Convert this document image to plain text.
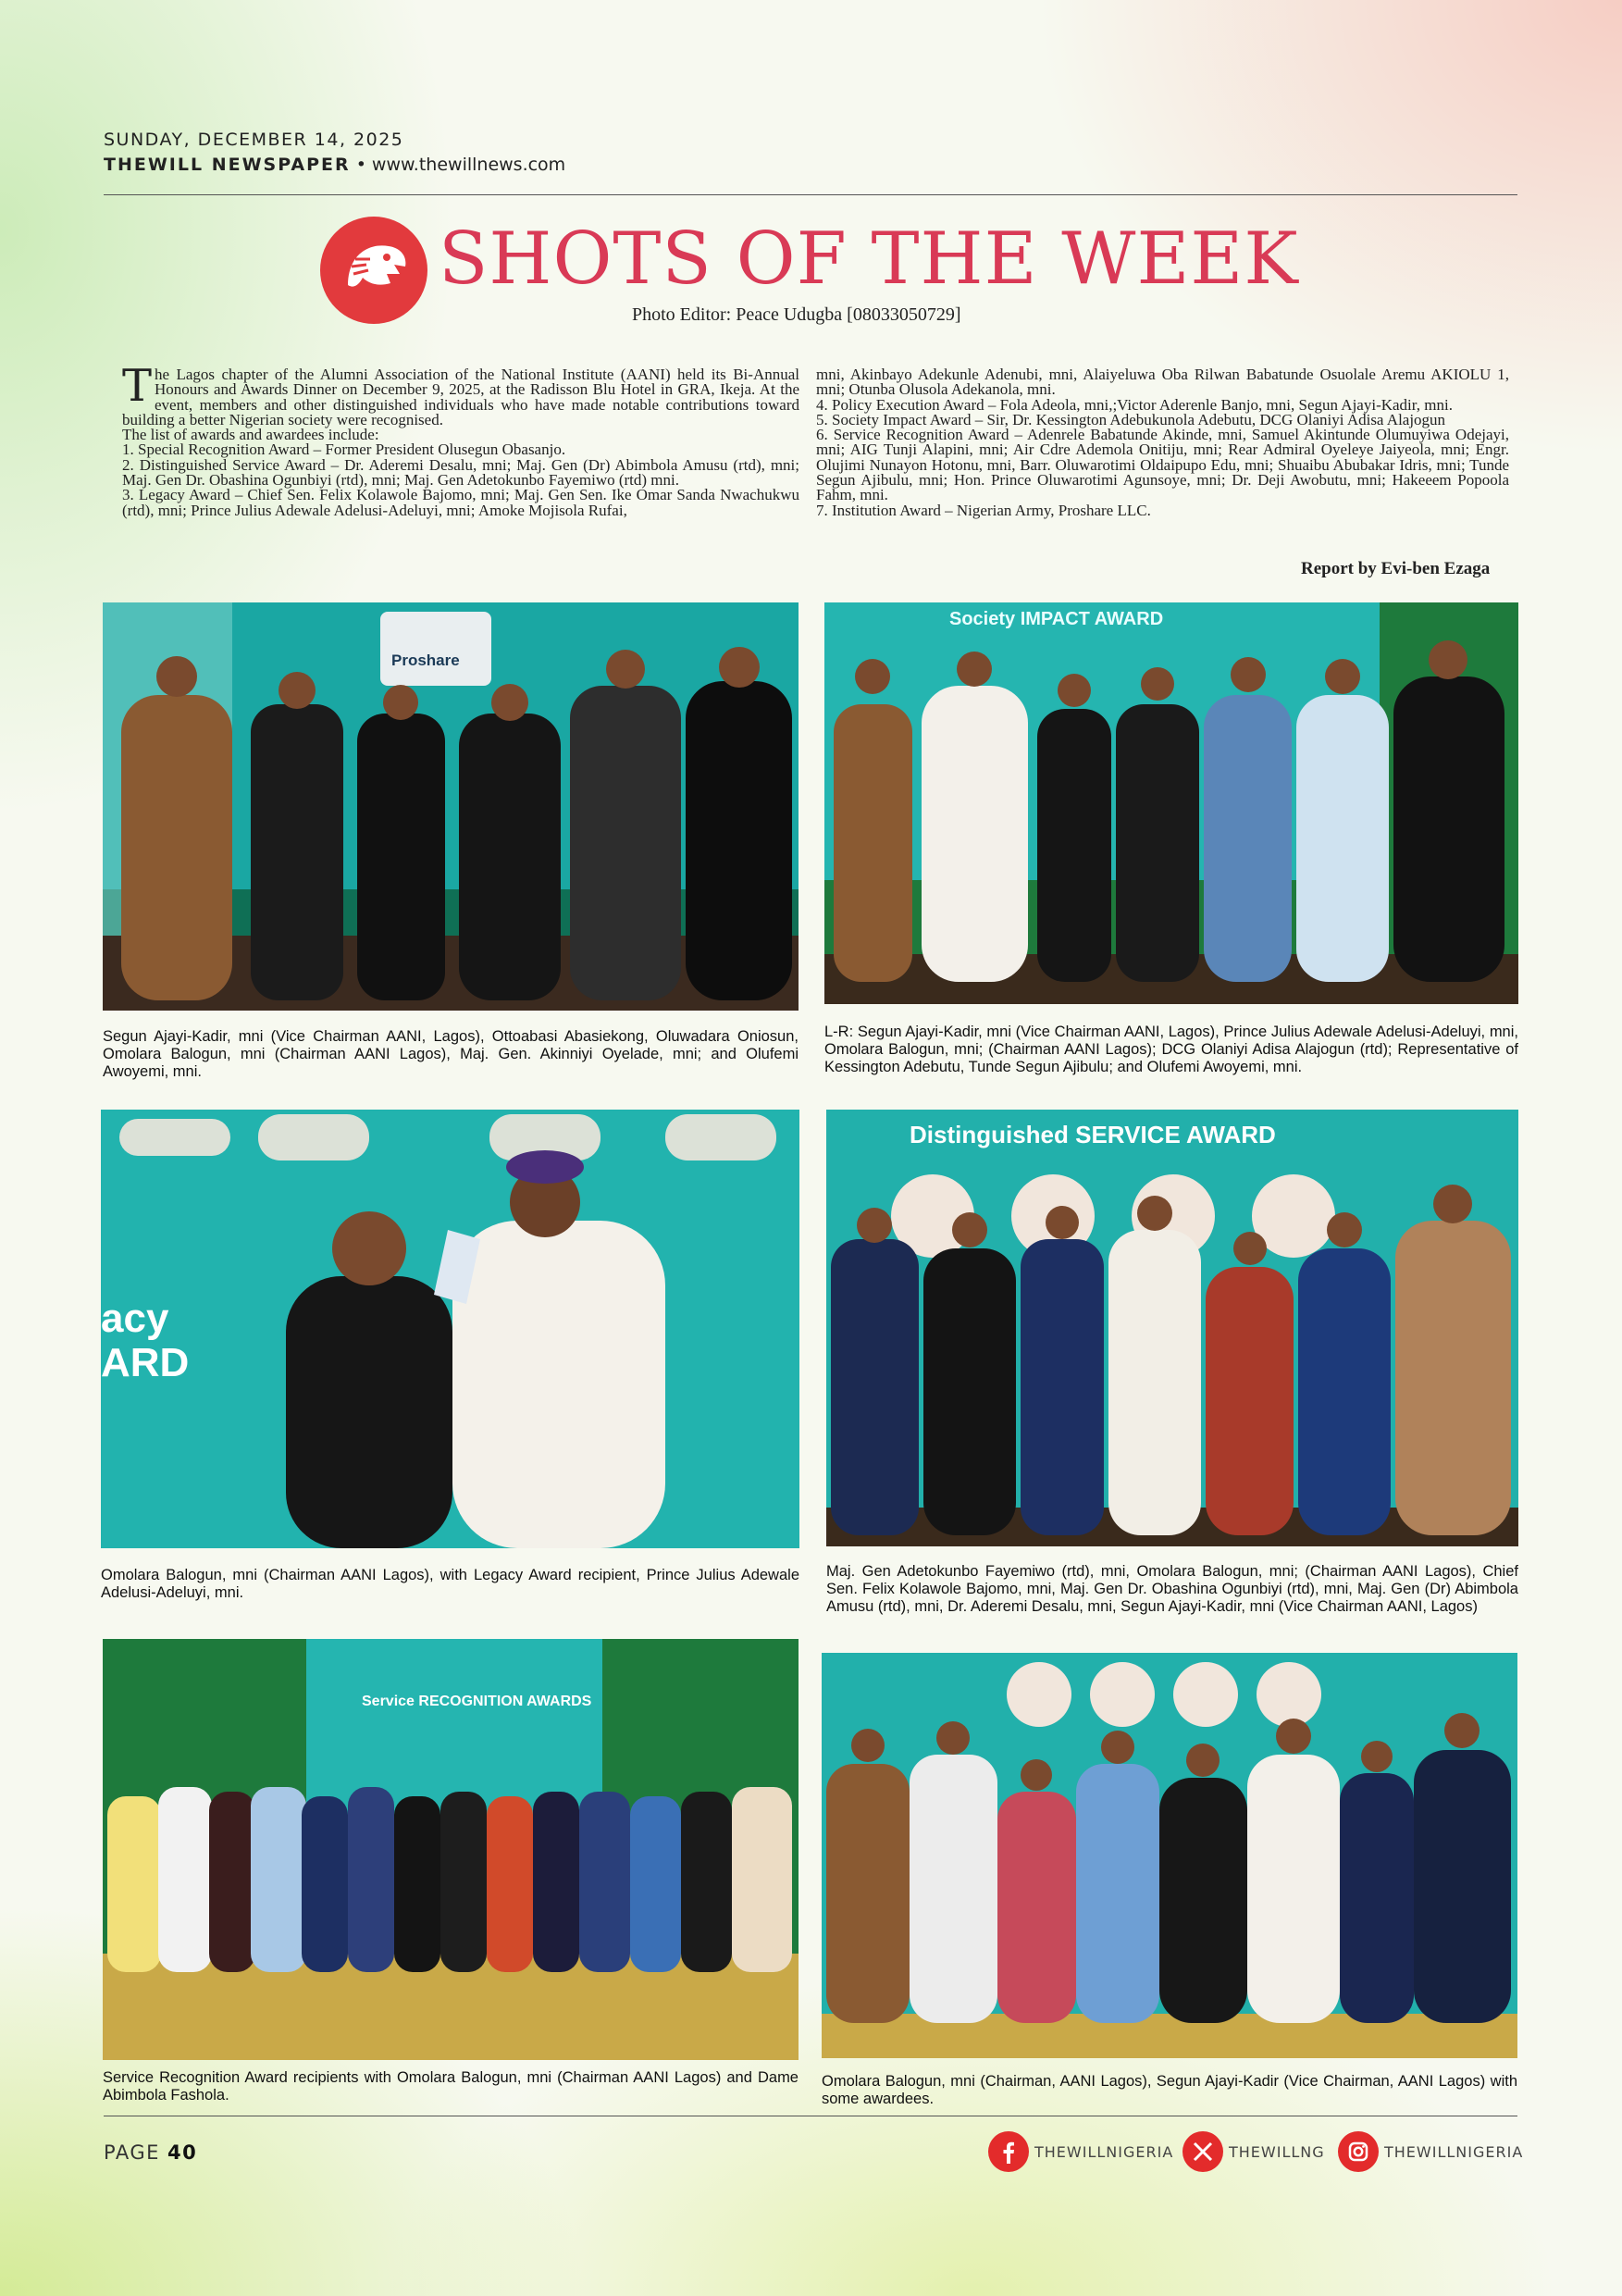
SUNDAY, DECEMBER 14, 2025
THEWILL NEWSPAPER • www.thewillnews.com
SHOTS OF THE WEEK
Photo Editor: Peace Udugba [08033050729]

The Lagos chapter of the Alumni Association of the National Institute (AANI) held its Bi-Annual Honours and Awards Dinner on December 9, 2025, at the Radisson Blu Hotel in GRA, Ikeja. At the event, members and other distinguished individuals who have made notable contributions toward building a better Nigerian society were recognised.

The list of awards and awardees include:

1. Special Recognition Award – Former President Olusegun Obasanjo.

2. Distinguished Service Award – Dr. Aderemi Desalu, mni; Maj. Gen (Dr) Abimbola Amusu (rtd), mni; Maj. Gen Dr. Obashina Ogunbiyi (rtd), mni; Maj. Gen Adetokunbo Fayemiwo (rtd) mni.

3. Legacy Award – Chief Sen. Felix Kolawole Bajomo, mni; Maj. Gen Sen. Ike Omar Sanda Nwachukwu (rtd), mni; Prince Julius Adewale Adelusi-Adeluyi, mni; Amoke Mojisola Rufai,

mni, Akinbayo Adekunle Adenubi, mni, Alaiyeluwa Oba Rilwan Babatunde Osuolale Aremu AKIOLU 1, mni; Otunba Olusola Adekanola, mni.

4. Policy Execution Award – Fola Adeola, mni,;Victor Aderenle Banjo, mni, Segun Ajayi-Kadir, mni.

5. Society Impact Award – Sir, Dr. Kessington Adebukunola Adebutu, DCG Olaniyi Adisa Alajogun

6. Service Recognition Award – Adenrele Babatunde Akinde, mni, Samuel Akintunde Olumuyiwa Odejayi, mni; AIG Tunji Alapini, mni; Air Cdre Ademola Onitiju, mni; Rear Admiral Oyeleye Jaiyeola, mni; Engr. Olujimi Nunayon Hotonu, mni, Barr. Oluwarotimi Oldaipupo Edu, mni; Shuaibu Abubakar Idris, mni; Tunde Segun Ajibulu, mni; Hon. Prince Oluwarotimi Agunsoye, mni; Dr. Deji Awobutu, mni; Hakeeem Popoola Fahm, mni.

7. Institution Award – Nigerian Army, Proshare LLC.

Report by Evi-ben Ezaga
Proshare
Segun Ajayi-Kadir, mni (Vice Chairman AANI, Lagos), Ottoabasi Abasiekong, Oluwadara Oniosun, Omolara Balogun, mni (Chairman AANI Lagos), Maj. Gen. Akinniyi Oyelade, mni; and Olufemi Awoyemi, mni.
Society IMPACT AWARD
L-R: Segun Ajayi-Kadir, mni (Vice Chairman AANI, Lagos), Prince Julius Adewale Adelusi-Adeluyi, mni, Omolara Balogun, mni; (Chairman AANI Lagos); DCG Olaniyi Adisa Alajogun (rtd); Representative of Kessington Adebutu, Tunde Segun Ajibulu; and Olufemi Awoyemi, mni.
acy ARD
Omolara Balogun, mni (Chairman AANI Lagos), with Legacy Award recipient, Prince Julius Adewale Adelusi-Adeluyi, mni.
Distinguished SERVICE AWARD
Maj. Gen Adetokunbo Fayemiwo (rtd), mni, Omolara Balogun, mni; (Chairman AANI Lagos), Chief Sen. Felix Kolawole Bajomo, mni, Maj. Gen Dr. Obashina Ogunbiyi (rtd), mni, Maj. Gen (Dr) Abimbola Amusu (rtd), mni, Dr. Aderemi Desalu, mni, Segun Ajayi-Kadir, mni (Vice Chairman AANI, Lagos)
Service RECOGNITION AWARDS
Service Recognition Award recipients with Omolara Balogun, mni (Chairman AANI Lagos) and Dame Abimbola Fashola.
Omolara Balogun, mni (Chairman, AANI Lagos), Segun Ajayi-Kadir (Vice Chairman, AANI Lagos) with some awardees.
PAGE 40	THEWILLNIGERIA	THEWILLNG	THEWILLNIGERIA
